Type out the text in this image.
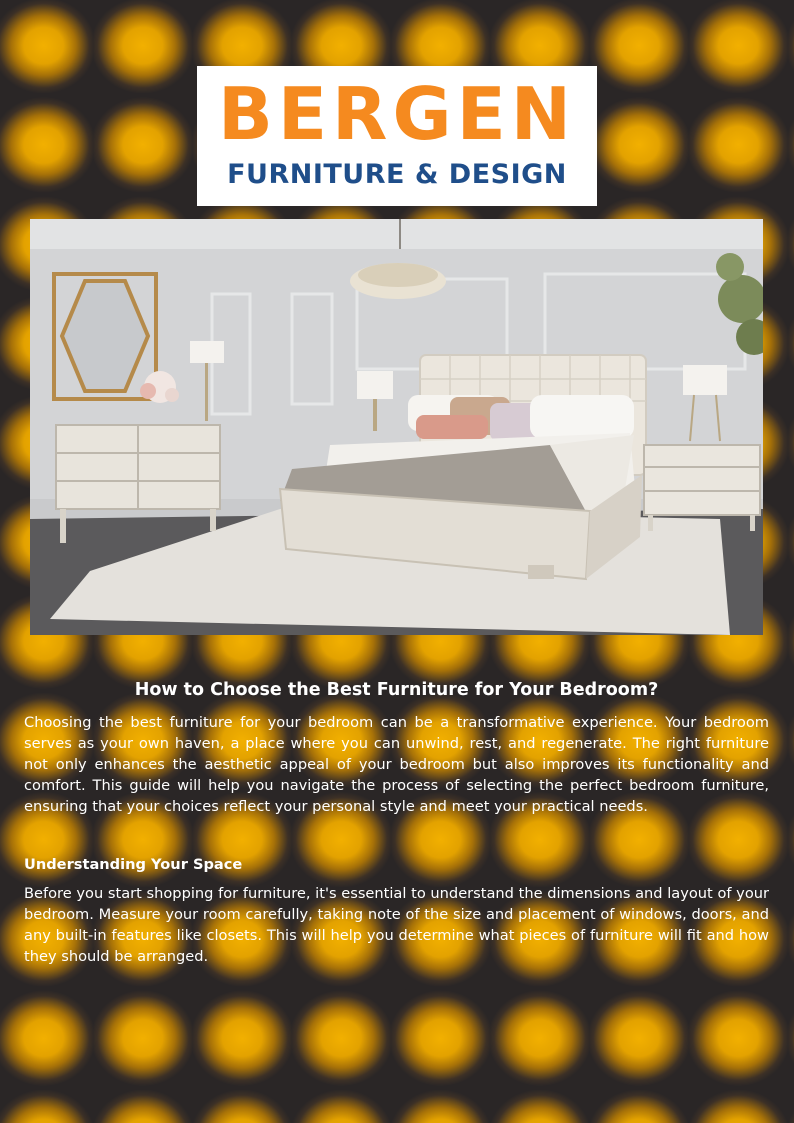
BERGEN
FURNITURE & DESIGN
How to Choose the Best Furniture for Your Bedroom?

Choosing the best furniture for your bedroom can be a transformative experience. Your bedroom serves as your own haven, a place where you can unwind, rest, and regenerate. The right furniture not only enhances the aesthetic appeal of your bedroom but also improves its functionality and comfort. This guide will help you navigate the process of selecting the perfect bedroom furniture, ensuring that your choices reflect your personal style and meet your practical needs.

Understanding Your Space

Before you start shopping for furniture, it's essential to understand the dimensions and layout of your bedroom. Measure your room carefully, taking note of the size and placement of windows, doors, and any built-in features like closets. This will help you determine what pieces of furniture will fit and how they should be arranged.
